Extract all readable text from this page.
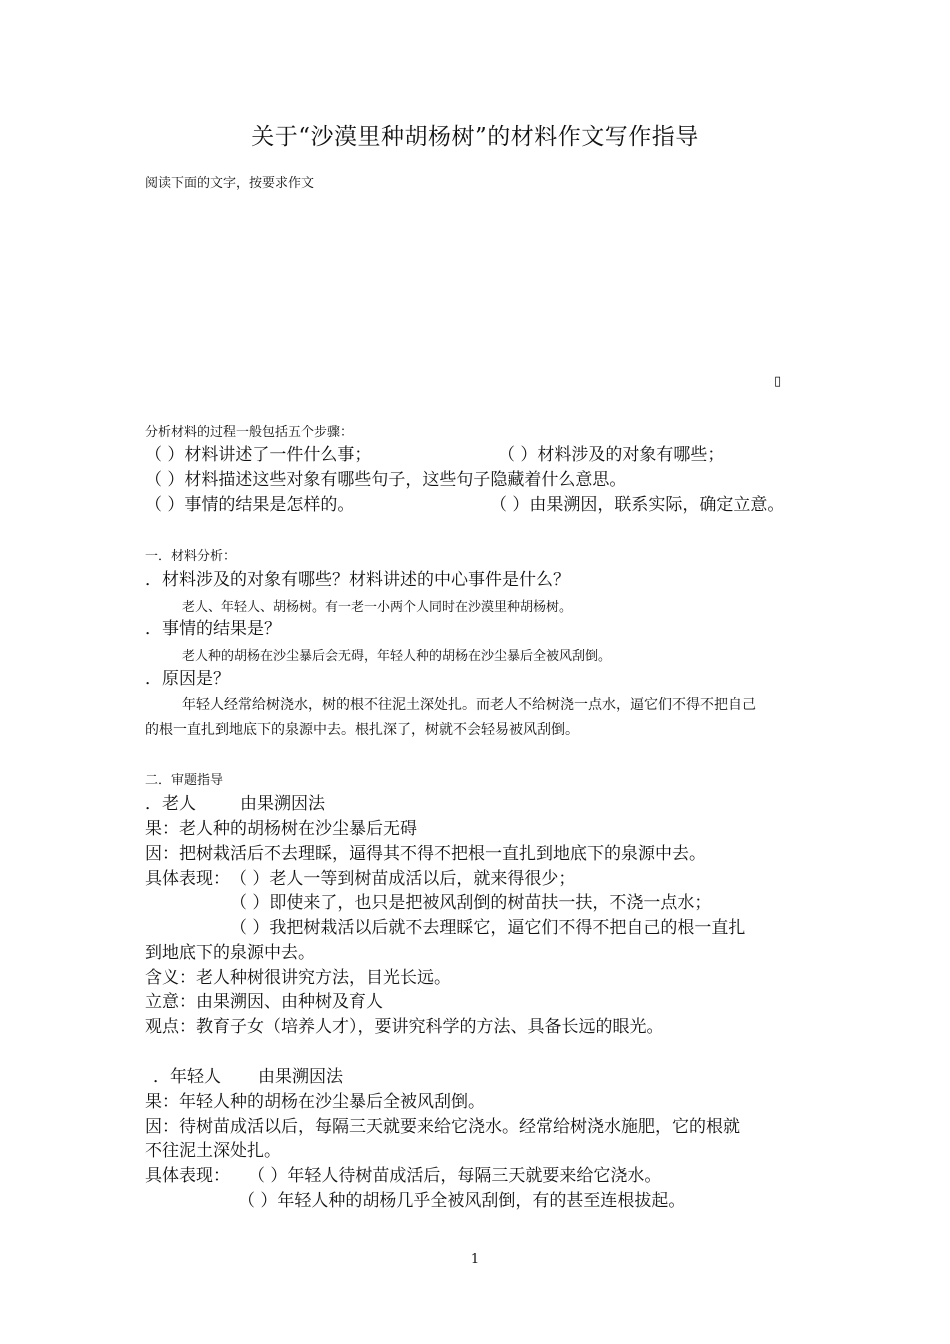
关于“沙漠里种胡杨树”的材料作文写作指导
阅读下面的文字，按要求作文
▯
分析材料的过程一般包括五个步骤：
（ ）材料讲述了一件什么事；	（ ）材料涉及的对象有哪些；
（ ）材料描述这些对象有哪些句子，这些句子隐藏着什么意思。
（ ）事情的结果是怎样的。	（ ）由果溯因，联系实际，确定立意。
一．材料分析：
．材料涉及的对象有哪些？材料讲述的中心事件是什么？
老人、年轻人、胡杨树。有一老一小两个人同时在沙漠里种胡杨树。
．事情的结果是？
老人种的胡杨在沙尘暴后会无碍，年轻人种的胡杨在沙尘暴后全被风刮倒。
．原因是？
年轻人经常给树浇水，树的根不往泥土深处扎。而老人不给树浇一点水，逼它们不得不把自己
的根一直扎到地底下的泉源中去。根扎深了，树就不会轻易被风刮倒。
二．审题指导
．老人	由果溯因法
果：老人种的胡杨树在沙尘暴后无碍
因：把树栽活后不去理睬，逼得其不得不把根一直扎到地底下的泉源中去。
具体表现： （ ）老人一等到树苗成活以后，就来得很少；
（ ）即使来了，也只是把被风刮倒的树苗扶一扶，不浇一点水；
（ ）我把树栽活以后就不去理睬它，逼它们不得不把自己的根一直扎
到地底下的泉源中去。
含义：老人种树很讲究方法，目光长远。
立意：由果溯因、由种树及育人
观点：教育子女（培养人才），要讲究科学的方法、具备长远的眼光。
．年轻人 由果溯因法
果：年轻人种的胡杨在沙尘暴后全被风刮倒。
因：待树苗成活以后，每隔三天就要来给它浇水。经常给树浇水施肥，它的根就
不往泥土深处扎。
具体表现： （ ）年轻人待树苗成活后，每隔三天就要来给它浇水。
（ ）年轻人种的胡杨几乎全被风刮倒，有的甚至连根拔起。
1
